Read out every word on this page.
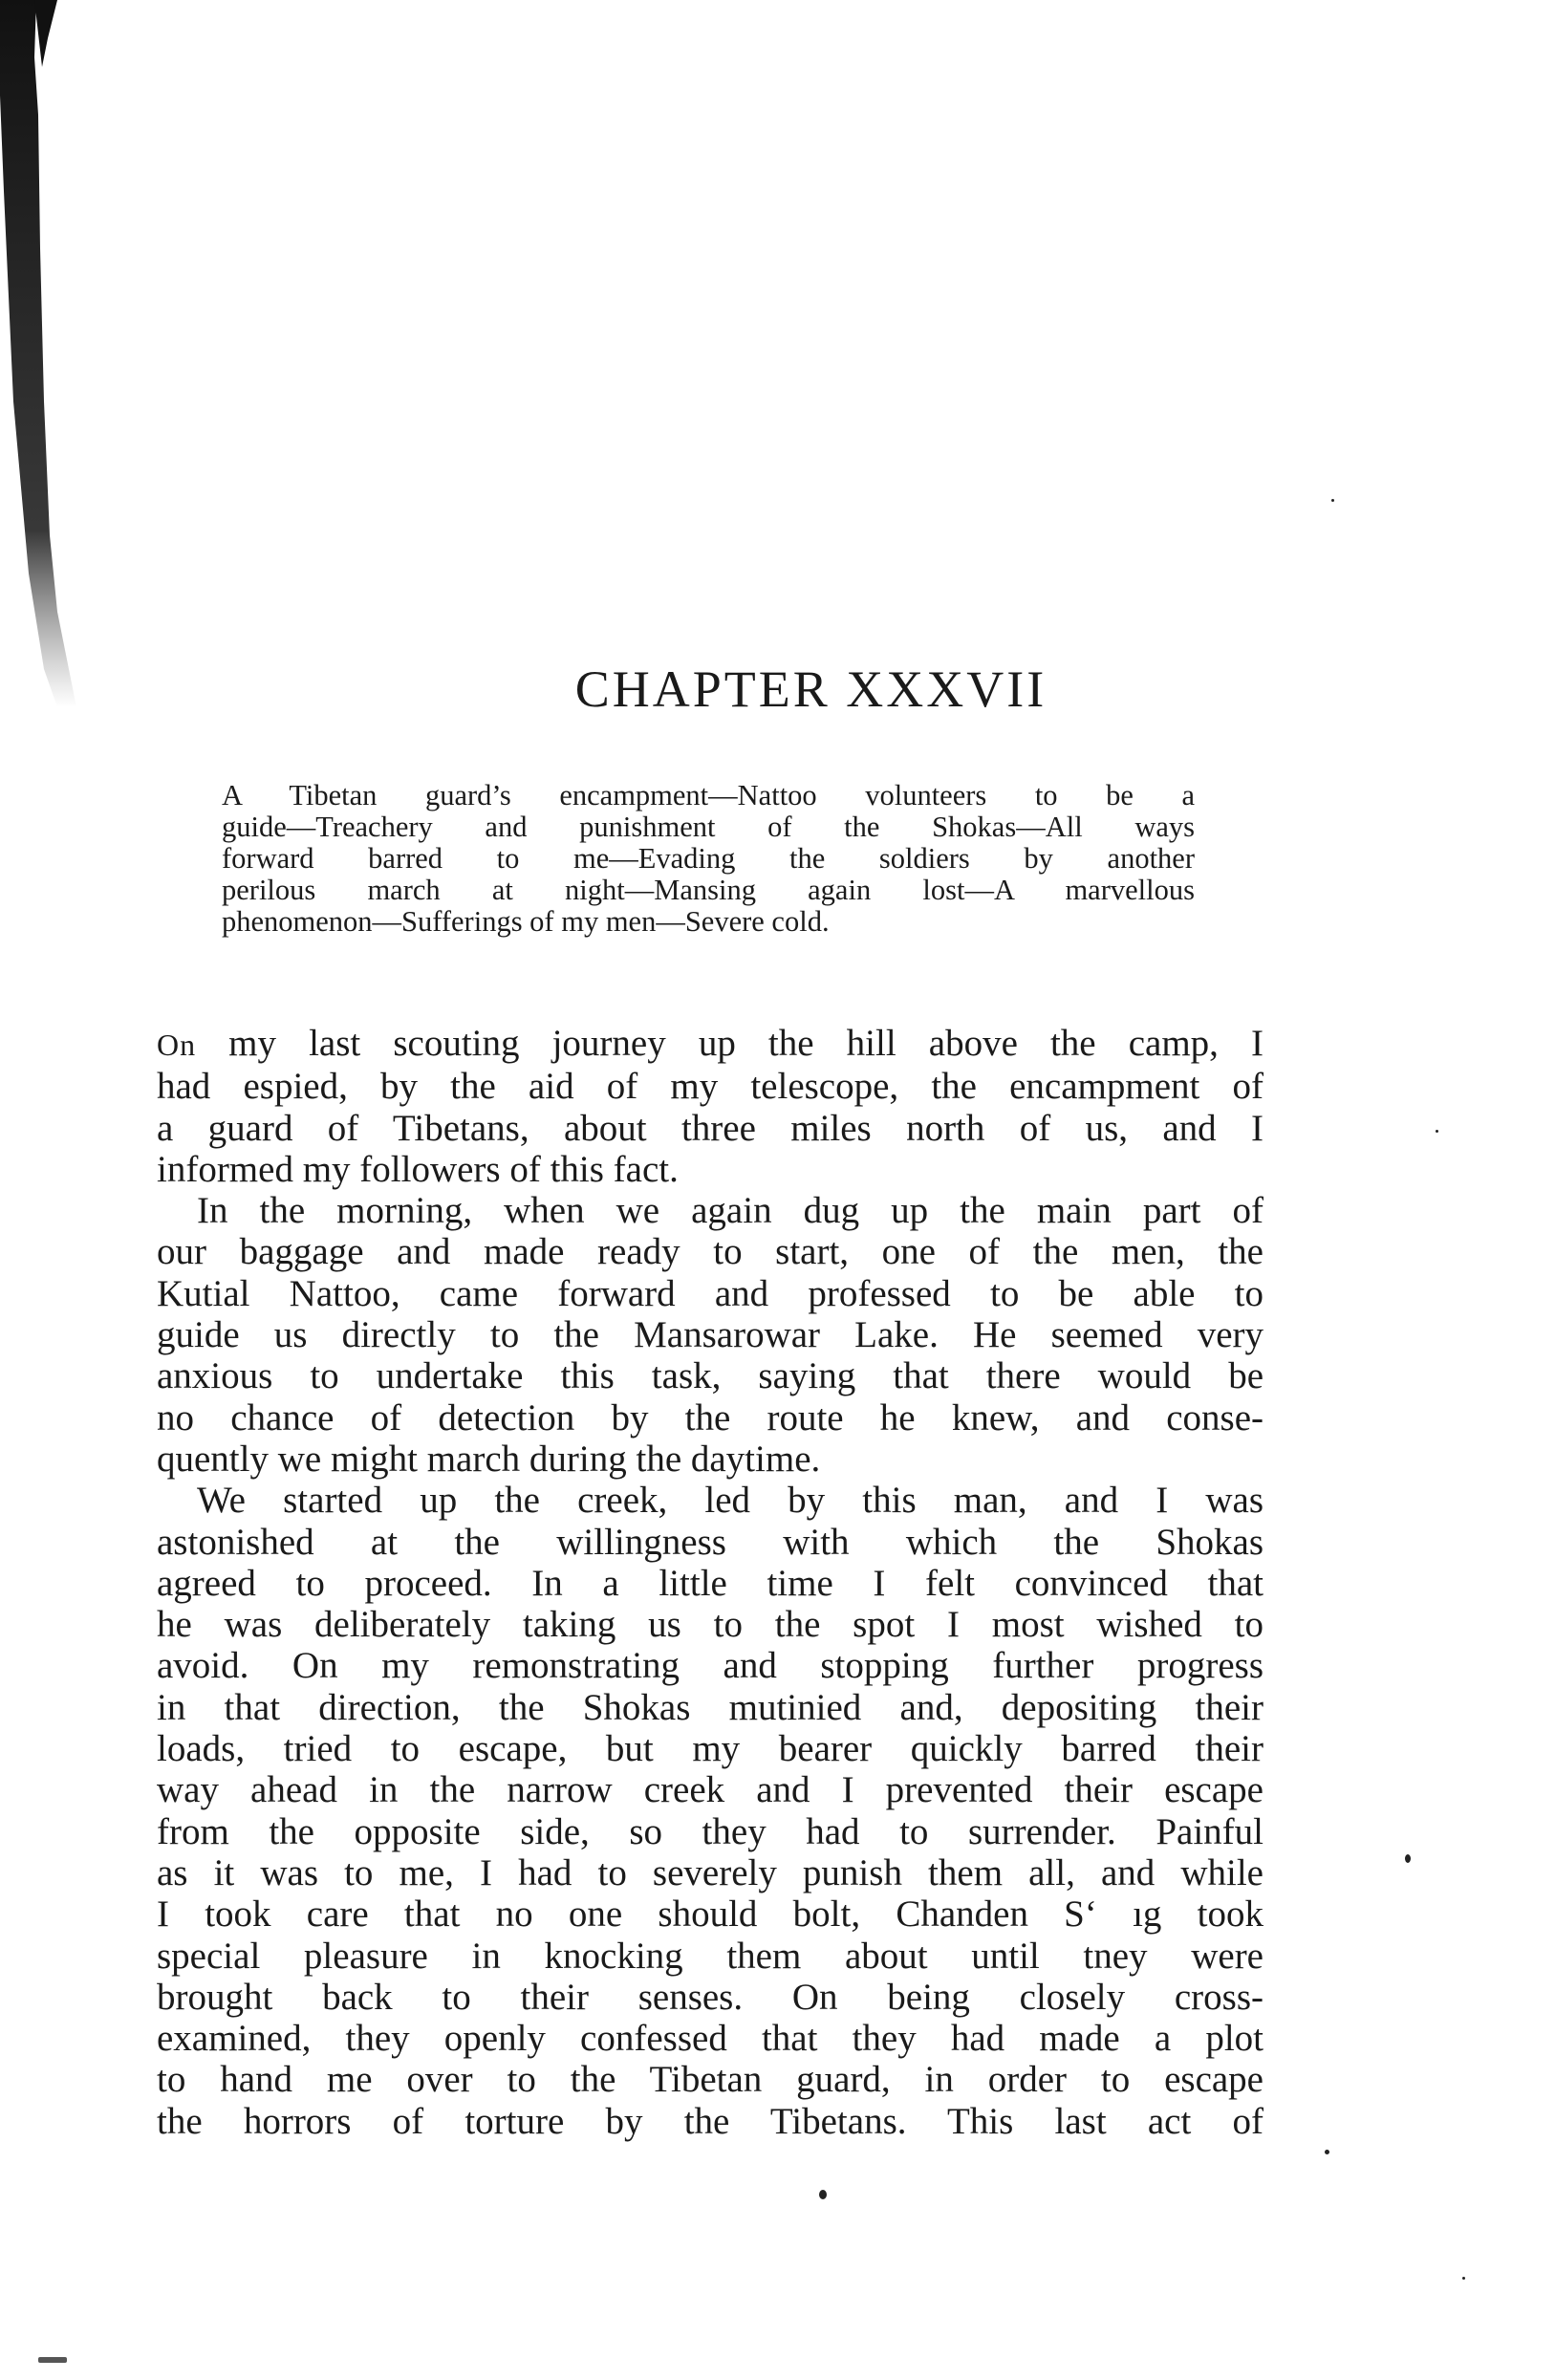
CHAPTER XXXVII
A Tibetan guard’s encampment—Nattoo volunteers to be a
guide—Treachery and punishment of the Shokas—All ways
forward barred to me—Evading the soldiers by another
perilous march at night—Mansing again lost—A marvellous
phenomenon—Sufferings of my men—Severe cold.
On my last scouting journey up the hill above the camp, I
had espied, by the aid of my telescope, the encampment of
a guard of Tibetans, about three miles north of us, and I
informed my followers of this fact.
In the morning, when we again dug up the main part of
our baggage and made ready to start, one of the men, the
Kutial Nattoo, came forward and professed to be able to
guide us directly to the Mansarowar Lake. He seemed very
anxious to undertake this task, saying that there would be
no chance of detection by the route he knew, and conse-
quently we might march during the daytime.
We started up the creek, led by this man, and I was
astonished at the willingness with which the Shokas
agreed to proceed. In a little time I felt convinced that
he was deliberately taking us to the spot I most wished to
avoid. On my remonstrating and stopping further progress
in that direction, the Shokas mutinied and, depositing their
loads, tried to escape, but my bearer quickly barred their
way ahead in the narrow creek and I prevented their escape
from the opposite side, so they had to surrender. Painful
as it was to me, I had to severely punish them all, and while
I took care that no one should bolt, Chanden S‘ ıg took
special pleasure in knocking them about until tney were
brought back to their senses. On being closely cross-
examined, they openly confessed that they had made a plot
to hand me over to the Tibetan guard, in order to escape
the horrors of torture by the Tibetans. This last act of
